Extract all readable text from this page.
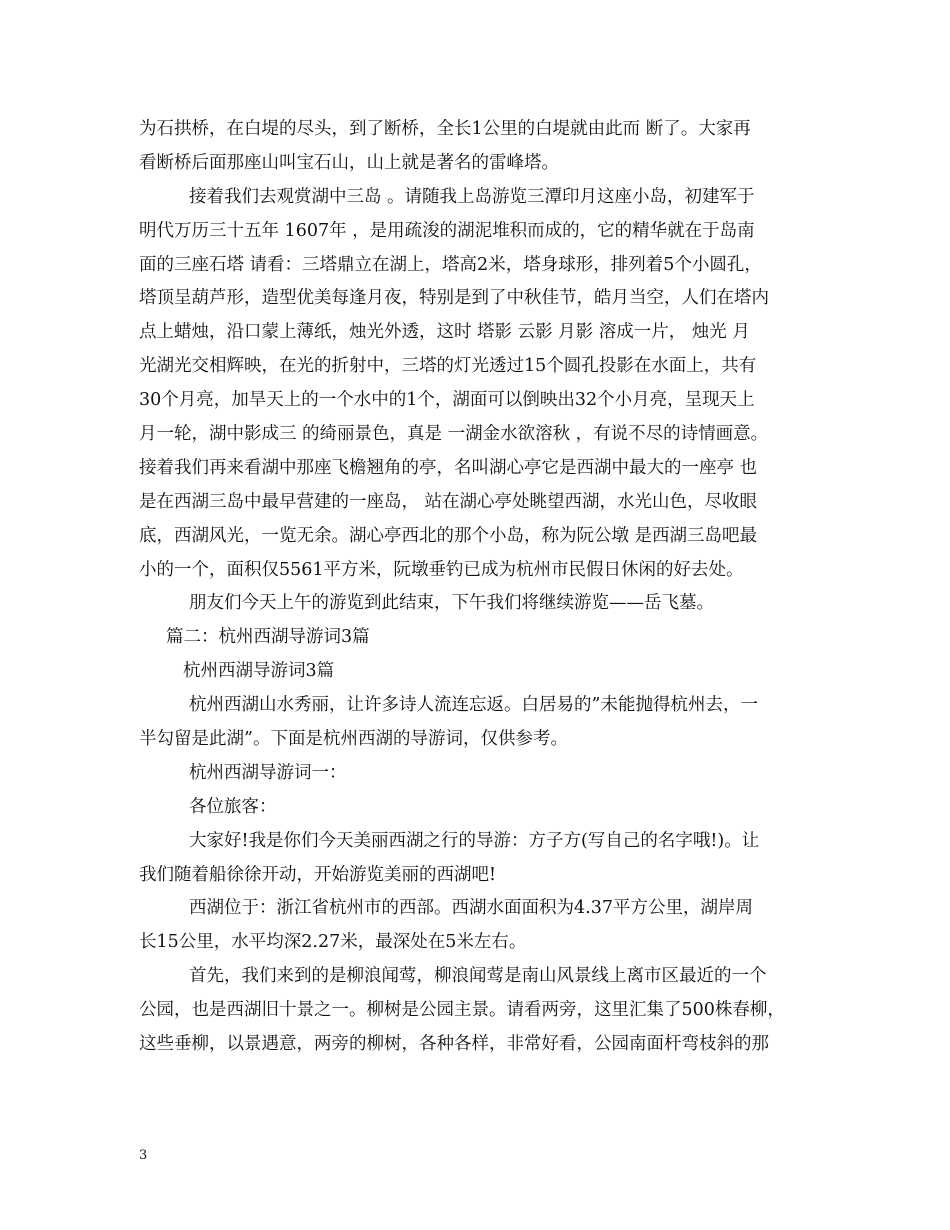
为石拱桥，在白堤的尽头，到了断桥，全长1公里的白堤就由此而 断了。大家再
看断桥后面那座山叫宝石山，山上就是著名的雷峰塔。
接着我们去观赏湖中三岛 。请随我上岛游览三潭印月这座小岛，初建军于
明代万历三十五年 1607年 ，是用疏浚的湖泥堆积而成的，它的精华就在于岛南
面的三座石塔 请看：三塔鼎立在湖上，塔高2米，塔身球形，排列着5个小圆孔，
塔顶呈葫芦形，造型优美每逢月夜，特别是到了中秋佳节，皓月当空，人们在塔内
点上蜡烛，沿口蒙上薄纸，烛光外透，这时 塔影 云影 月影 溶成一片， 烛光 月
光湖光交相辉映，在光的折射中，三塔的灯光透过15个圆孔投影在水面上，共有
30个月亮，加旱天上的一个水中的1个，湖面可以倒映出32个小月亮，呈现天上
月一轮，湖中影成三 的绮丽景色，真是 一湖金水欲溶秋 ，有说不尽的诗情画意。
接着我们再来看湖中那座飞檐翘角的亭，名叫湖心亭它是西湖中最大的一座亭 也
是在西湖三岛中最早营建的一座岛， 站在湖心亭处眺望西湖，水光山色，尽收眼
底，西湖风光，一览无余。湖心亭西北的那个小岛，称为阮公墩 是西湖三岛吧最
小的一个，面积仅5561平方米，阮墩垂钓已成为杭州市民假日休闲的好去处。
朋友们今天上午的游览到此结束，下午我们将继续游览——岳飞墓。
篇二：杭州西湖导游词3篇
杭州西湖导游词3篇
杭州西湖山水秀丽，让许多诗人流连忘返。白居易的”未能抛得杭州去，一
半勾留是此湖”。下面是杭州西湖的导游词，仅供参考。
杭州西湖导游词一：
各位旅客：
大家好!我是你们今天美丽西湖之行的导游：方子方(写自己的名字哦!)。让
我们随着船徐徐开动，开始游览美丽的西湖吧!
西湖位于：浙江省杭州市的西部。西湖水面面积为4.37平方公里，湖岸周
长15公里，水平均深2.27米，最深处在5米左右。
首先，我们来到的是柳浪闻莺，柳浪闻莺是南山风景线上离市区最近的一个
公园，也是西湖旧十景之一。柳树是公园主景。请看两旁，这里汇集了500株春柳，
这些垂柳，以景遇意，两旁的柳树，各种各样，非常好看，公园南面杆弯枝斜的那
3
